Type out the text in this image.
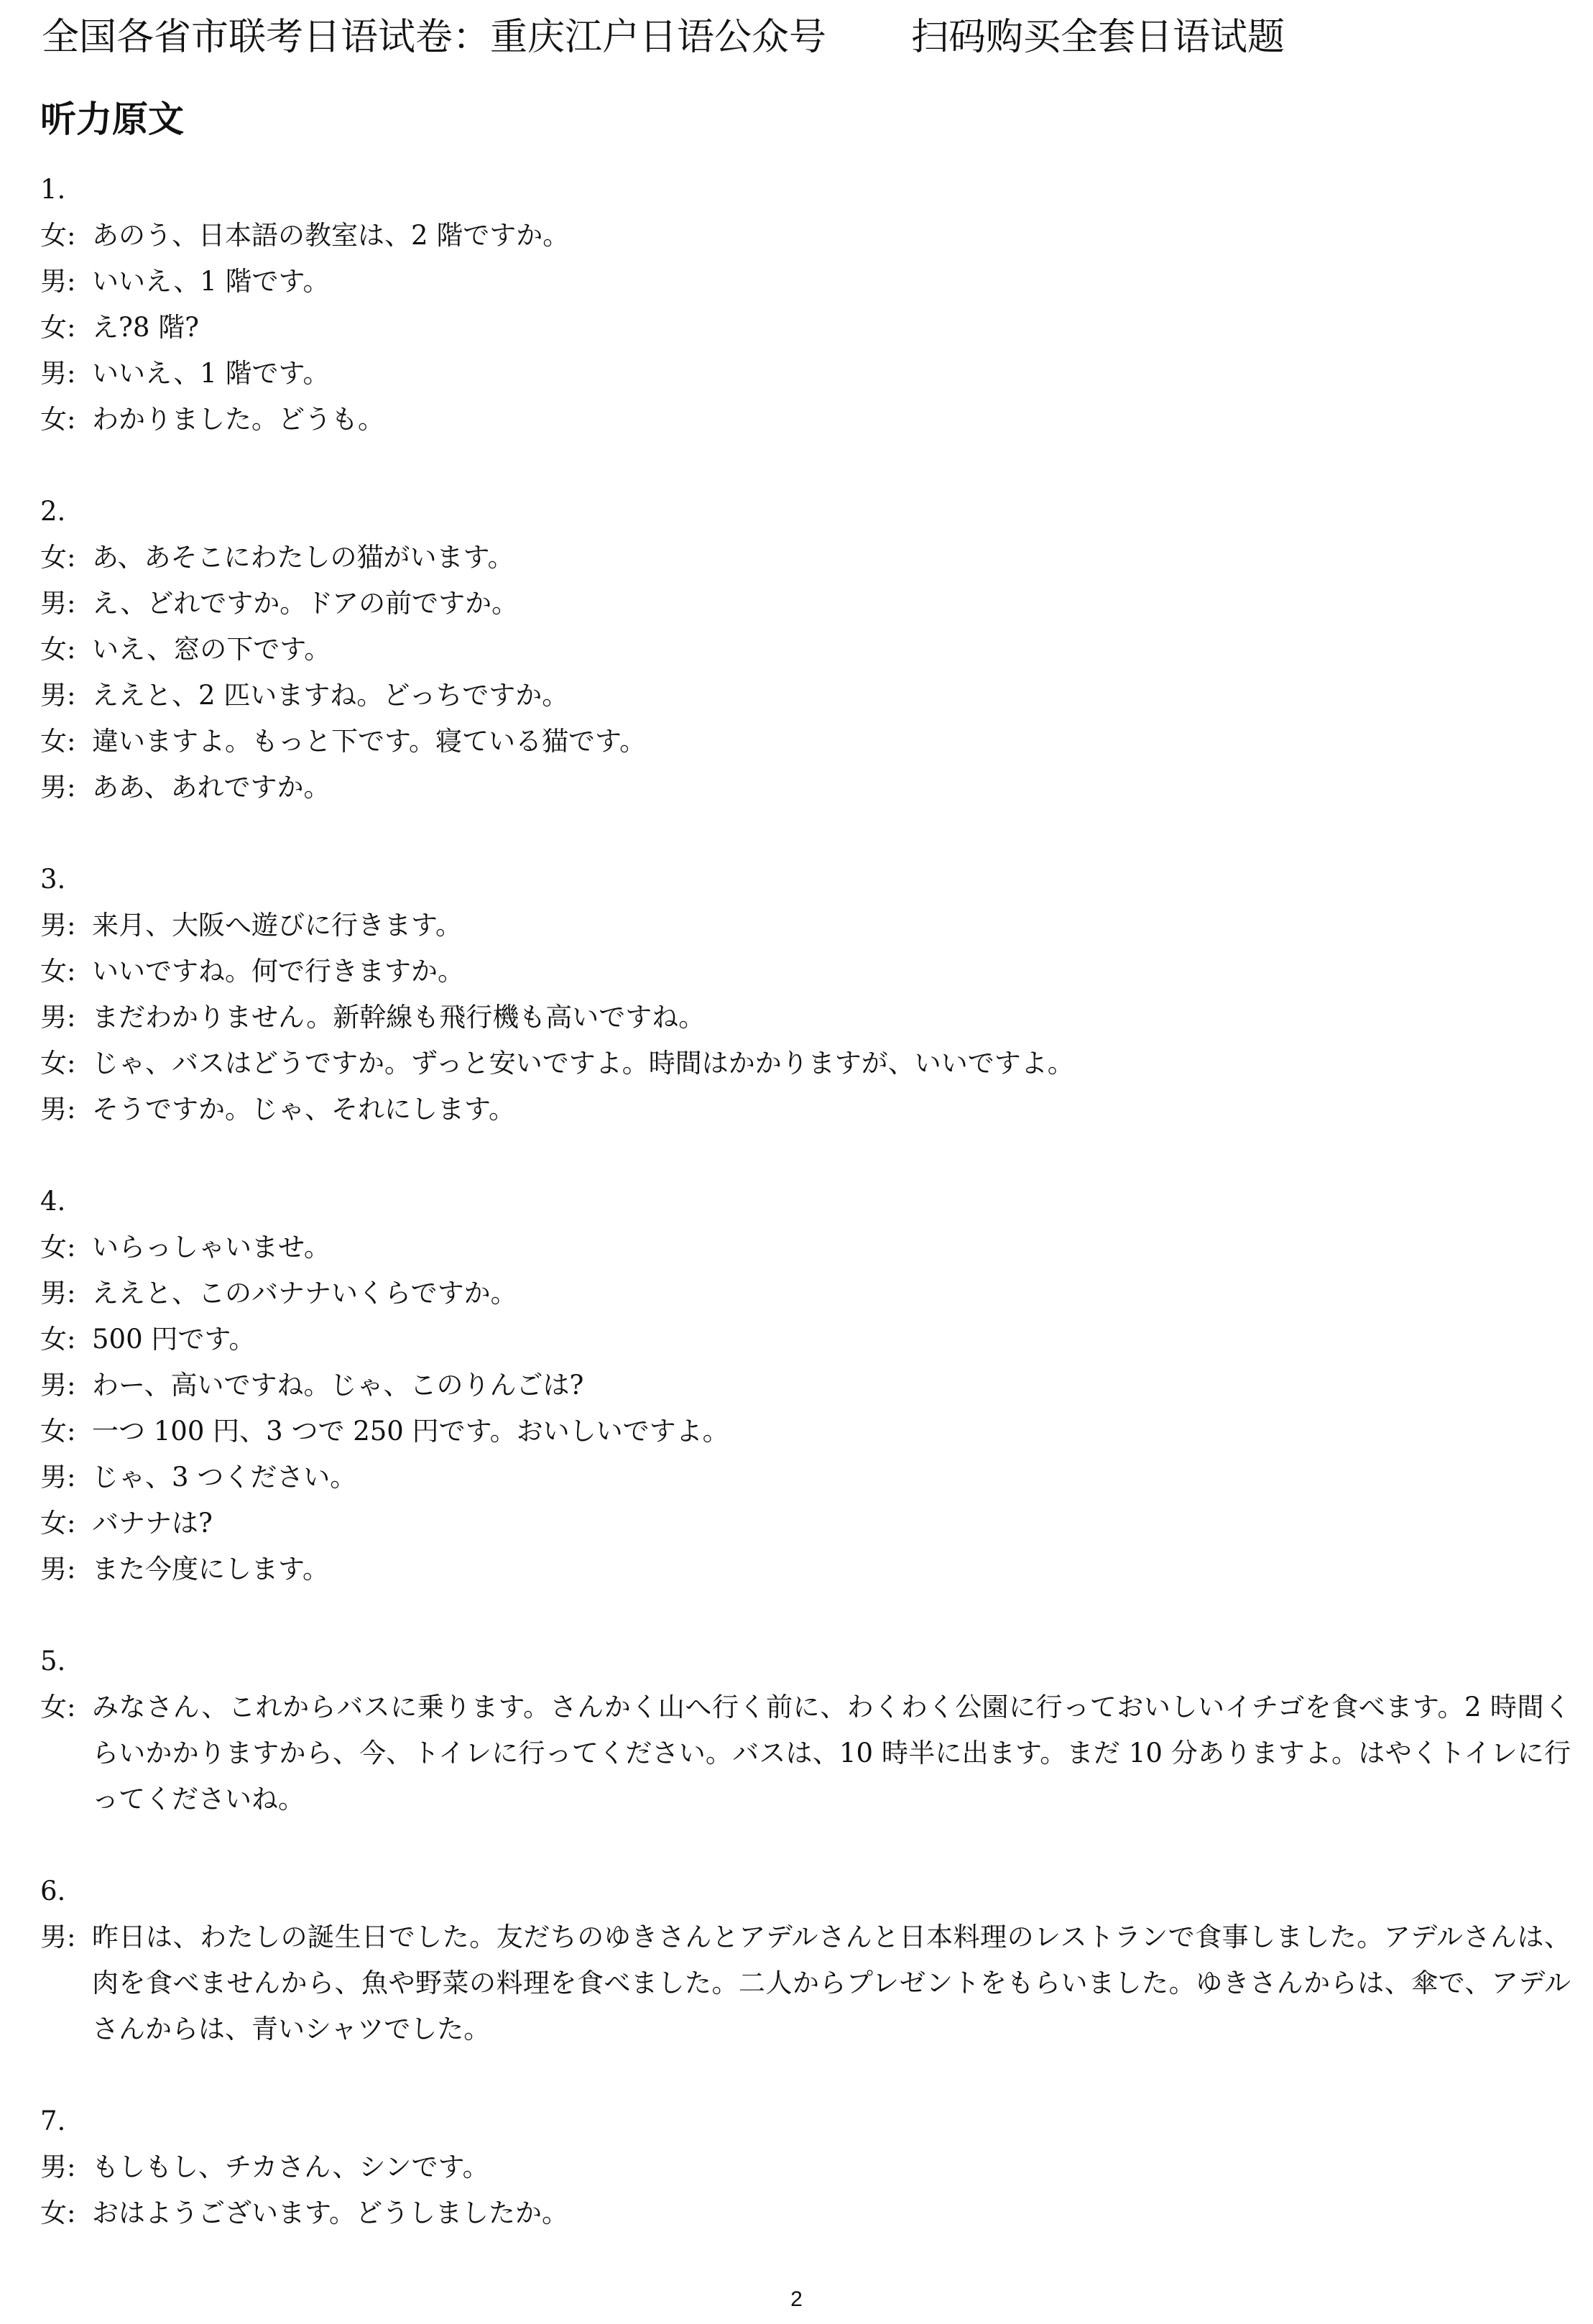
全国各省市联考日语试卷：重庆江户日语公众号 扫码购买全套日语试题
听力原文
1.
女: あのう、日本語の教室は、2 階ですか。
男: いいえ、1 階です。
女: え?8 階?
男: いいえ、1 階です。
女: わかりました。どうも。
2.
女: あ、あそこにわたしの猫がいます。
男: え、どれですか。ドアの前ですか。
女: いえ、窓の下です。
男: ええと、2 匹いますね。どっちですか。
女: 違いますよ。もっと下です。寝ている猫です。
男: ああ、あれですか。
3.
男: 来月、大阪へ遊びに行きます。
女: いいですね。何で行きますか。
男: まだわかりません。新幹線も飛行機も高いですね。
女: じゃ、バスはどうですか。ずっと安いですよ。時間はかかりますが、いいですよ。
男: そうですか。じゃ、それにします。
4.
女: いらっしゃいませ。
男: ええと、このバナナいくらですか。
女: 500 円です。
男: わー、高いですね。じゃ、このりんごは?
女: 一つ 100 円、3 つで 250 円です。おいしいですよ。
男: じゃ、3 つください。
女: バナナは?
男: また今度にします。
5.
女: みなさん、これからバスに乗ります。さんかく山へ行く前に、わくわく公園に行っておいしいイチゴを食べます。2 時間くらいかかりますから、今、トイレに行ってください。バスは、10 時半に出ます。まだ 10 分ありますよ。はやくトイレに行ってくださいね。
6.
男: 昨日は、わたしの誕生日でした。友だちのゆきさんとアデルさんと日本料理のレストランで食事しました。アデルさんは、肉を食べませんから、魚や野菜の料理を食べました。二人からプレゼントをもらいました。ゆきさんからは、傘で、アデルさんからは、青いシャツでした。
7.
男: もしもし、チカさん、シンです。
女: おはようございます。どうしましたか。
2
